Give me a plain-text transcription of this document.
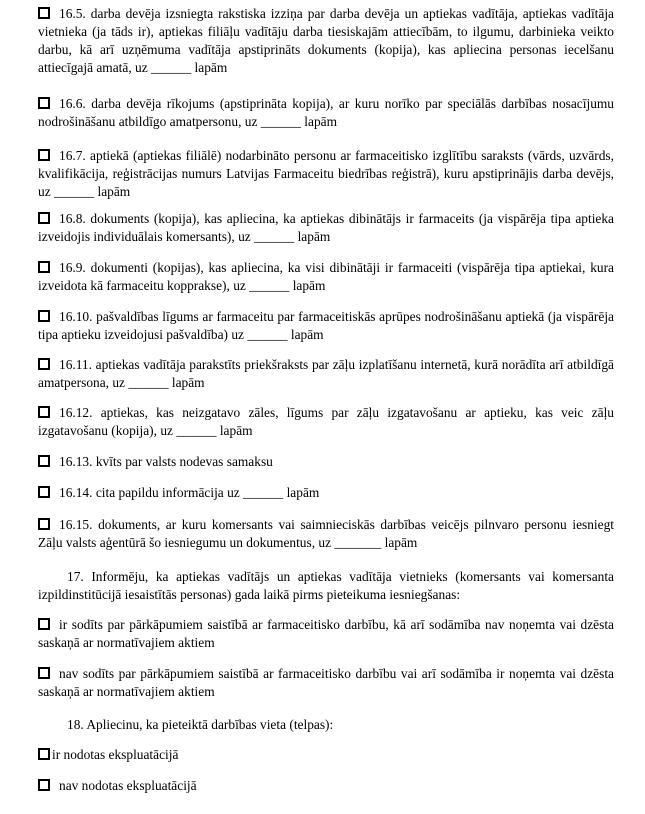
16.5. darba devēja izsniegta rakstiska izziņa par darba devēja un aptiekas vadītāja, aptiekas vadītāja vietnieka (ja tāds ir), aptiekas filiāļu vadītāju darba tiesiskajām attiecībām, to ilgumu, darbinieka veikto darbu, kā arī uzņēmuma vadītāja apstiprināts dokuments (kopija), kas apliecina personas iecelšanu attiecīgajā amatā, uz ______ lapām

16.6. darba devēja rīkojums (apstiprināta kopija), ar kuru norīko par speciālās darbības nosacījumu nodrošināšanu atbildīgo amatpersonu, uz ______ lapām

16.7. aptiekā (aptiekas filiālē) nodarbināto personu ar farmaceitisko izglītību saraksts (vārds, uzvārds, kvalifikācija, reģistrācijas numurs Latvijas Farmaceitu biedrības reģistrā), kuru apstiprinājis darba devējs, uz ______ lapām

16.8. dokuments (kopija), kas apliecina, ka aptiekas dibinātājs ir farmaceits (ja vispārēja tipa aptieka izveidojis individuālais komersants), uz ______ lapām

16.9. dokumenti (kopijas), kas apliecina, ka visi dibinātāji ir farmaceiti (vispārēja tipa aptiekai, kura izveidota kā farmaceitu kopprakse), uz ______ lapām

16.10. pašvaldības līgums ar farmaceitu par farmaceitiskās aprūpes nodrošināšanu aptiekā (ja vispārēja tipa aptieku izveidojusi pašvaldība) uz ______ lapām

16.11. aptiekas vadītāja parakstīts priekšraksts par zāļu izplatīšanu internetā, kurā norādīta arī atbildīgā amatpersona, uz ______ lapām

16.12. aptiekas, kas neizgatavo zāles, līgums par zāļu izgatavošanu ar aptieku, kas veic zāļu izgatavošanu (kopija), uz ______ lapām

16.13. kvīts par valsts nodevas samaksu

16.14. cita papildu informācija uz ______ lapām

16.15. dokuments, ar kuru komersants vai saimnieciskās darbības veicējs pilnvaro personu iesniegt Zāļu valsts aģentūrā šo iesniegumu un dokumentus, uz _______ lapām

17. Informēju, ka aptiekas vadītājs un aptiekas vadītāja vietnieks (komersants vai komersanta izpildinstitūcijā iesaistītās personas) gada laikā pirms pieteikuma iesniegšanas:

ir sodīts par pārkāpumiem saistībā ar farmaceitisko darbību, kā arī sodāmība nav noņemta vai dzēsta saskaņā ar normatīvajiem aktiem

nav sodīts par pārkāpumiem saistībā ar farmaceitisko darbību vai arī sodāmība ir noņemta vai dzēsta saskaņā ar normatīvajiem aktiem

18. Apliecinu, ka pieteiktā darbības vieta (telpas):

ir nodotas ekspluatācijā

nav nodotas ekspluatācijā
